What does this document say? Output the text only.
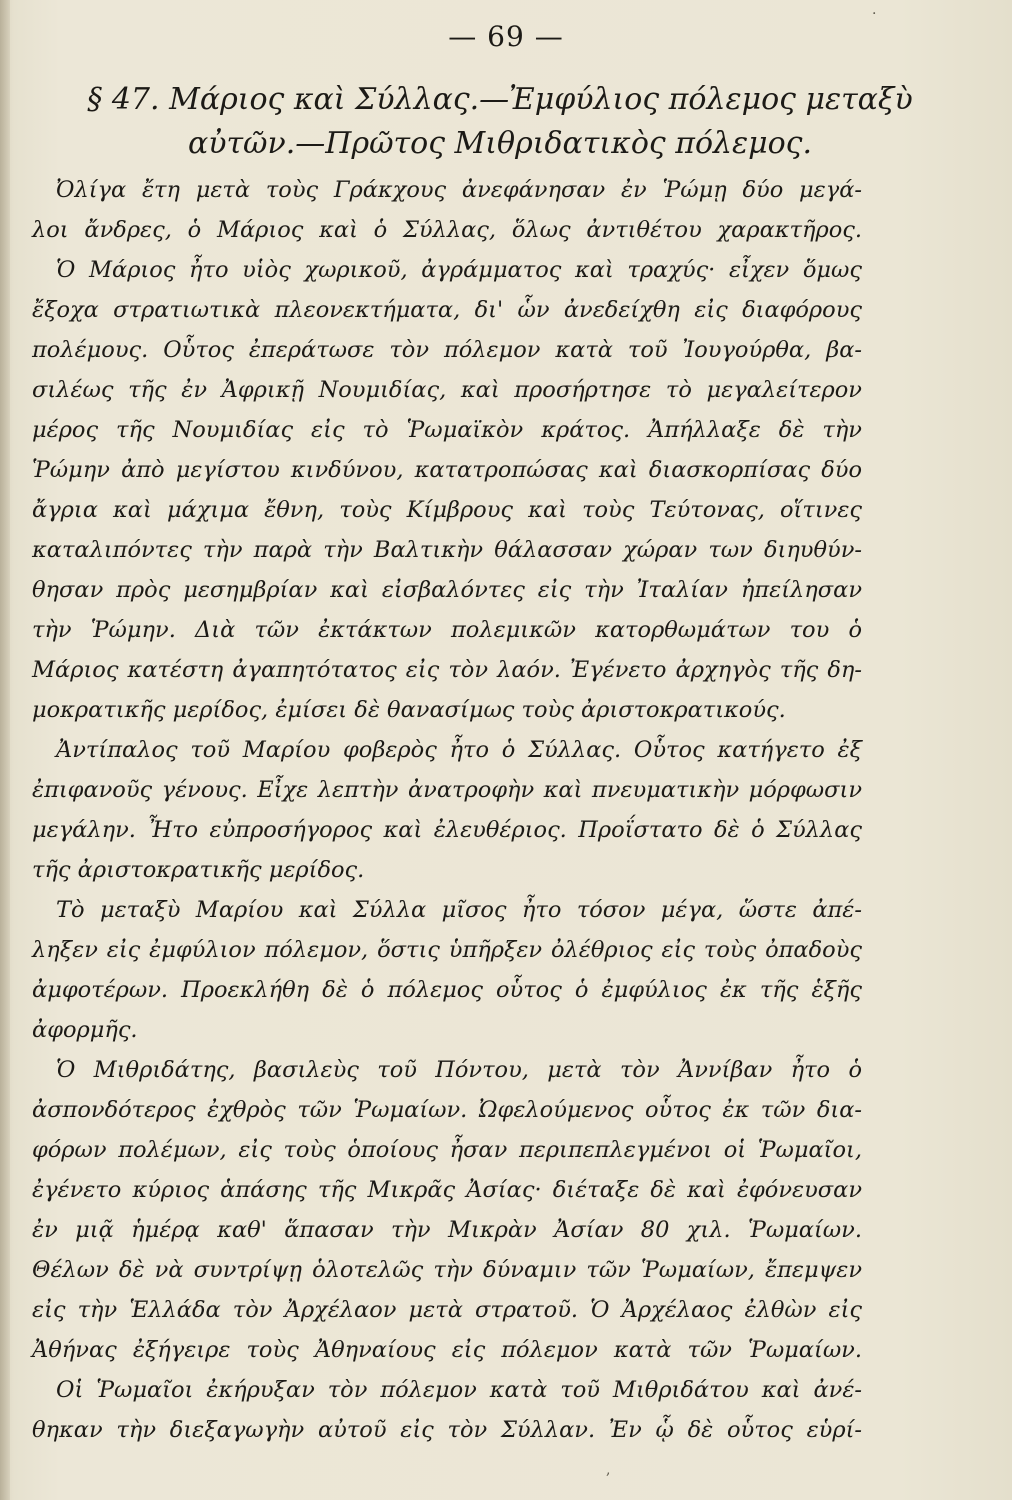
— 69 —
§ 47. Μάριος καὶ Σύλλας.—Ἐμφύλιος πόλεμος μεταξὺ
αὐτῶν.—Πρῶτος Μιθριδατικὸς πόλεμος.
Ὀλίγα ἔτη μετὰ τοὺς Γράκχους ἀνεφάνησαν ἐν Ῥώμῃ δύο μεγά-
λοι ἄνδρες, ὁ Μάριος καὶ ὁ Σύλλας, ὅλως ἀντιθέτου χαρακτῆρος.
Ὁ Μάριος ἦτο υἱὸς χωρικοῦ, ἀγράμματος καὶ τραχύς· εἶχεν ὅμως
ἔξοχα στρατιωτικὰ πλεονεκτήματα, δι' ὧν ἀνεδείχθη εἰς διαφόρους
πολέμους. Οὗτος ἐπεράτωσε τὸν πόλεμον κατὰ τοῦ Ἰουγούρθα, βα-
σιλέως τῆς ἐν Ἀφρικῇ Νουμιδίας, καὶ προσήρτησε τὸ μεγαλείτερον
μέρος τῆς Νουμιδίας εἰς τὸ Ῥωμαϊκὸν κράτος. Ἀπήλλαξε δὲ τὴν
Ῥώμην ἀπὸ μεγίστου κινδύνου, κατατροπώσας καὶ διασκορπίσας δύο
ἄγρια καὶ μάχιμα ἔθνη, τοὺς Κίμβρους καὶ τοὺς Τεύτονας, οἵτινες
καταλιπόντες τὴν παρὰ τὴν Βαλτικὴν θάλασσαν χώραν των διηυθύν-
θησαν πρὸς μεσημβρίαν καὶ εἰσβαλόντες εἰς τὴν Ἰταλίαν ἠπείλησαν
τὴν Ῥώμην. Διὰ τῶν ἐκτάκτων πολεμικῶν κατορθωμάτων του ὁ
Μάριος κατέστη ἀγαπητότατος εἰς τὸν λαόν. Ἐγένετο ἀρχηγὸς τῆς δη-
μοκρατικῆς μερίδος, ἐμίσει δὲ θανασίμως τοὺς ἀριστοκρατικούς.
Ἀντίπαλος τοῦ Μαρίου φοβερὸς ἦτο ὁ Σύλλας. Οὗτος κατήγετο ἐξ
ἐπιφανοῦς γένους. Εἶχε λεπτὴν ἀνατροφὴν καὶ πνευματικὴν μόρφωσιν
μεγάλην. Ἦτο εὐπροσήγορος καὶ ἐλευθέριος. Προΐστατο δὲ ὁ Σύλλας
τῆς ἀριστοκρατικῆς μερίδος.
Τὸ μεταξὺ Μαρίου καὶ Σύλλα μῖσος ἦτο τόσον μέγα, ὥστε ἀπέ-
ληξεν εἰς ἐμφύλιον πόλεμον, ὅστις ὑπῆρξεν ὀλέθριος εἰς τοὺς ὀπαδοὺς
ἀμφοτέρων. Προεκλήθη δὲ ὁ πόλεμος οὗτος ὁ ἐμφύλιος ἐκ τῆς ἑξῆς
ἀφορμῆς.
Ὁ Μιθριδάτης, βασιλεὺς τοῦ Πόντου, μετὰ τὸν Ἀννίβαν ἦτο ὁ
ἀσπονδότερος ἐχθρὸς τῶν Ῥωμαίων. Ὠφελούμενος οὗτος ἐκ τῶν δια-
φόρων πολέμων, εἰς τοὺς ὁποίους ἦσαν περιπεπλεγμένοι οἱ Ῥωμαῖοι,
ἐγένετο κύριος ἁπάσης τῆς Μικρᾶς Ἀσίας· διέταξε δὲ καὶ ἐφόνευσαν
ἐν μιᾷ ἡμέρᾳ καθ' ἅπασαν τὴν Μικρὰν Ἀσίαν 80 χιλ. Ῥωμαίων.
Θέλων δὲ νὰ συντρίψῃ ὁλοτελῶς τὴν δύναμιν τῶν Ῥωμαίων, ἔπεμψεν
εἰς τὴν Ἑλλάδα τὸν Ἀρχέλαον μετὰ στρατοῦ. Ὁ Ἀρχέλαος ἐλθὼν εἰς
Ἀθήνας ἐξήγειρε τοὺς Ἀθηναίους εἰς πόλεμον κατὰ τῶν Ῥωμαίων.
Οἱ Ῥωμαῖοι ἐκήρυξαν τὸν πόλεμον κατὰ τοῦ Μιθριδάτου καὶ ἀνέ-
θηκαν τὴν διεξαγωγὴν αὐτοῦ εἰς τὸν Σύλλαν. Ἐν ᾧ δὲ οὗτος εὑρί-
·
,
